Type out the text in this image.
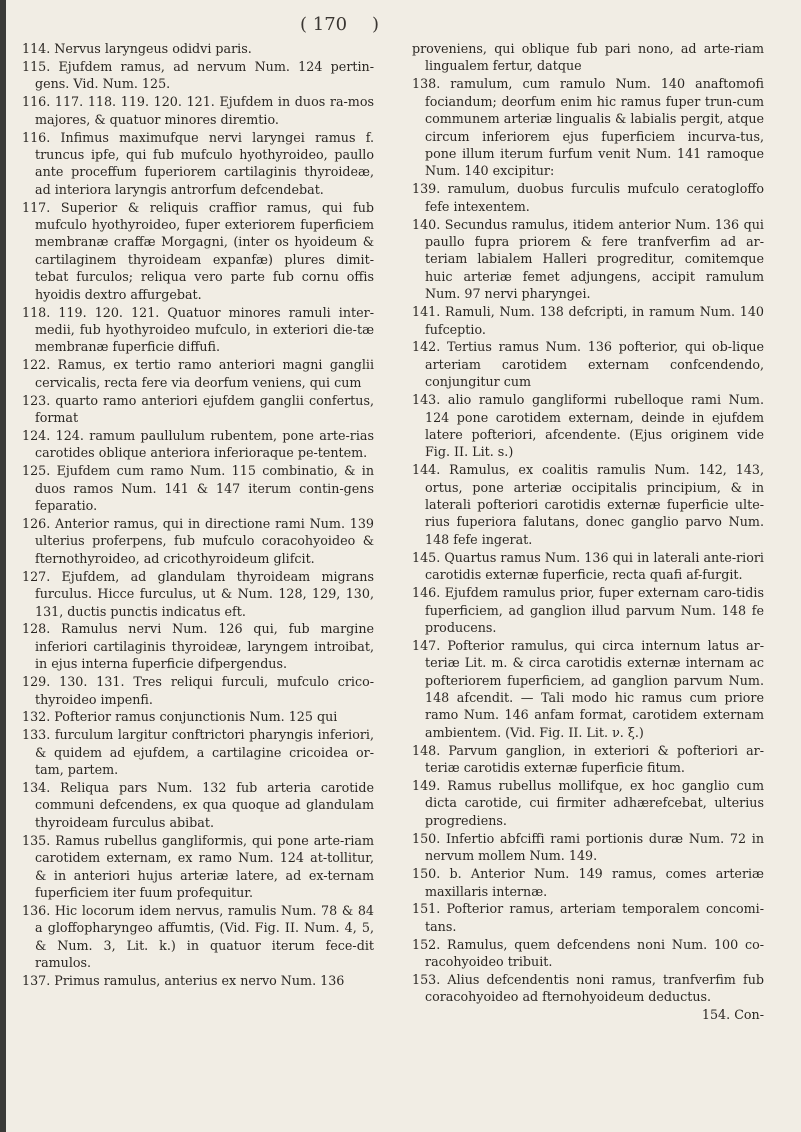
( 170 )

114. Nervus laryngeus odidvi paris.

115. Ejufdem ramus, ad nervum Num. 124 pertin-gens. Vid. Num. 125.

116. 117. 118. 119. 120. 121. Ejufdem in duos ra-mos majores, & quatuor minores diremtio.

116. Infimus maximufque nervi laryngei ramus f. truncus ipfe, qui fub mufculo hyothyroideo, paullo ante proceffum fuperiorem cartilaginis thyroideæ, ad interiora laryngis antrorfum defcendebat.

117. Superior & reliquis craffior ramus, qui fub mufculo hyothyroideo, fuper exteriorem fuperficiem membranæ craffæ Morgagni, (inter os hyoideum & cartilaginem thyroideam expanfæ) plures dimit-tebat furculos; reliqua vero parte fub cornu offis hyoidis dextro affurgebat.

118. 119. 120. 121. Quatuor minores ramuli inter-medii, fub hyothyroideo mufculo, in exteriori die-tæ membranæ fuperficie diffufi.

122. Ramus, ex tertio ramo anteriori magni ganglii cervicalis, recta fere via deorfum veniens, qui cum

123. quarto ramo anteriori ejufdem ganglii confertus, format

124. 124. ramum paullulum rubentem, pone arte-rias carotides oblique anteriora inferioraque pe-tentem.

125. Ejufdem cum ramo Num. 115 combinatio, & in duos ramos Num. 141 & 147 iterum contin-gens feparatio.

126. Anterior ramus, qui in directione rami Num. 139 ulterius proferpens, fub mufculo coracohyoideo & fternothyroideo, ad cricothyroideum glifcit.

127. Ejufdem, ad glandulam thyroideam migrans furculus. Hicce furculus, ut & Num. 128, 129, 130, 131, ductis punctis indicatus eft.

128. Ramulus nervi Num. 126 qui, fub margine inferiori cartilaginis thyroideæ, laryngem introibat, in ejus interna fuperficie difpergendus.

129. 130. 131. Tres reliqui furculi, mufculo crico-thyroideo impenfi.

132. Pofterior ramus conjunctionis Num. 125 qui

133. furculum largitur conftrictori pharyngis inferiori, & quidem ad ejufdem, a cartilagine cricoidea or-tam, partem.

134. Reliqua pars Num. 132 fub arteria carotide communi defcendens, ex qua quoque ad glandulam thyroideam furculus abibat.

135. Ramus rubellus gangliformis, qui pone arte-riam carotidem externam, ex ramo Num. 124 at-tollitur, & in anteriori hujus arteriæ latere, ad ex-ternam fuperficiem iter fuum profequitur.

136. Hic locorum idem nervus, ramulis Num. 78 & 84 a gloffopharyngeo affumtis, (Vid. Fig. II. Num. 4, 5, & Num. 3, Lit. k.) in quatuor iterum fece-dit ramulos.

137. Primus ramulus, anterius ex nervo Num. 136

proveniens, qui oblique fub pari nono, ad arte-riam lingualem fertur, datque

138. ramulum, cum ramulo Num. 140 anaftomofi fociandum; deorfum enim hic ramus fuper trun-cum communem arteriæ lingualis & labialis pergit, atque circum inferiorem ejus fuperficiem incurva-tus, pone illum iterum furfum venit Num. 141 ramoque Num. 140 excipitur:

139. ramulum, duobus furculis mufculo ceratogloffo fefe intexentem.

140. Secundus ramulus, itidem anterior Num. 136 qui paullo fupra priorem & fere tranfverfim ad ar-teriam labialem Halleri progreditur, comitemque huic arteriæ femet adjungens, accipit ramulum Num. 97 nervi pharyngei.

141. Ramuli, Num. 138 defcripti, in ramum Num. 140 fufceptio.

142. Tertius ramus Num. 136 pofterior, qui ob-lique arteriam carotidem externam confcendendo, conjungitur cum

143. alio ramulo gangliformi rubelloque rami Num. 124 pone carotidem externam, deinde in ejufdem latere pofteriori, afcendente. (Ejus originem vide Fig. II. Lit. s.)

144. Ramulus, ex coalitis ramulis Num. 142, 143, ortus, pone arteriæ occipitalis principium, & in laterali pofteriori carotidis externæ fuperficie ulte-rius fuperiora falutans, donec ganglio parvo Num. 148 fefe ingerat.

145. Quartus ramus Num. 136 qui in laterali ante-riori carotidis externæ fuperficie, recta quafi af-furgit.

146. Ejufdem ramulus prior, fuper externam caro-tidis fuperficiem, ad ganglion illud parvum Num. 148 fe producens.

147. Pofterior ramulus, qui circa internum latus ar-teriæ Lit. m. & circa carotidis externæ internam ac pofteriorem fuperficiem, ad ganglion parvum Num. 148 afcendit. — Tali modo hic ramus cum priore ramo Num. 146 anfam format, carotidem externam ambientem. (Vid. Fig. II. Lit. ν. ξ.)

148. Parvum ganglion, in exteriori & pofteriori ar-teriæ carotidis externæ fuperficie fitum.

149. Ramus rubellus mollifque, ex hoc ganglio cum dicta carotide, cui firmiter adhærefcebat, ulterius progrediens.

150. Infertio abfciffi rami portionis duræ Num. 72 in nervum mollem Num. 149.

150. b. Anterior Num. 149 ramus, comes arteriæ maxillaris internæ.

151. Pofterior ramus, arteriam temporalem concomi-tans.

152. Ramulus, quem defcendens noni Num. 100 co-racohyoideo tribuit.

153. Alius defcendentis noni ramus, tranfverfim fub coracohyoideo ad fternohyoideum deductus.

154. Con-
